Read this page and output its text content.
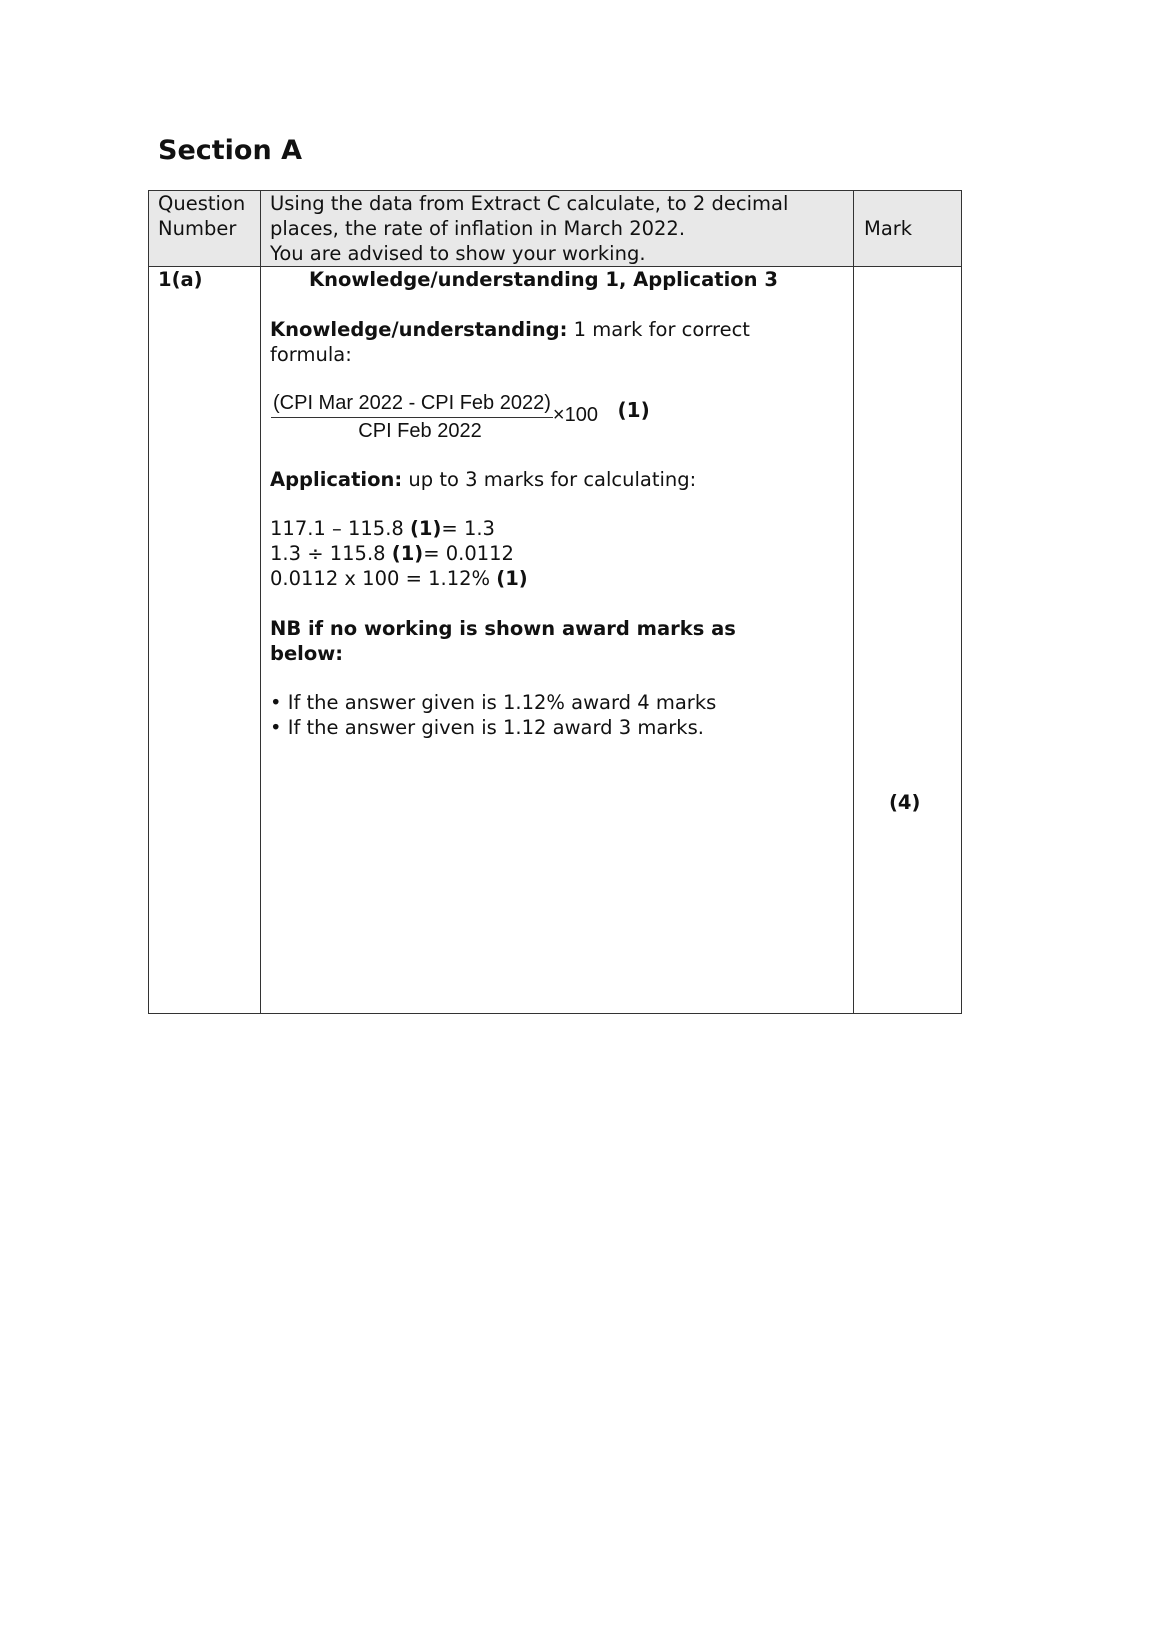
Section A
Question
Number
Using the data from Extract C calculate, to 2 decimal
places, the rate of inflation in March 2022.
You are advised to show your working.
Mark
1(a)	Knowledge/understanding 1, Application 3
Knowledge/understanding: 1 mark for correct
formula:
(CPI Mar 2022 - CPI Feb 2022)×100 (1)
CPI Feb 2022
Application: up to 3 marks for calculating:
117.1 – 115.8 (1)= 1.3
1.3 ÷ 115.8 (1)= 0.0112
0.0112 x 100 = 1.12% (1)
NB if no working is shown award marks as
below:
• If the answer given is 1.12% award 4 marks
• If the answer given is 1.12 award 3 marks.
(4)
